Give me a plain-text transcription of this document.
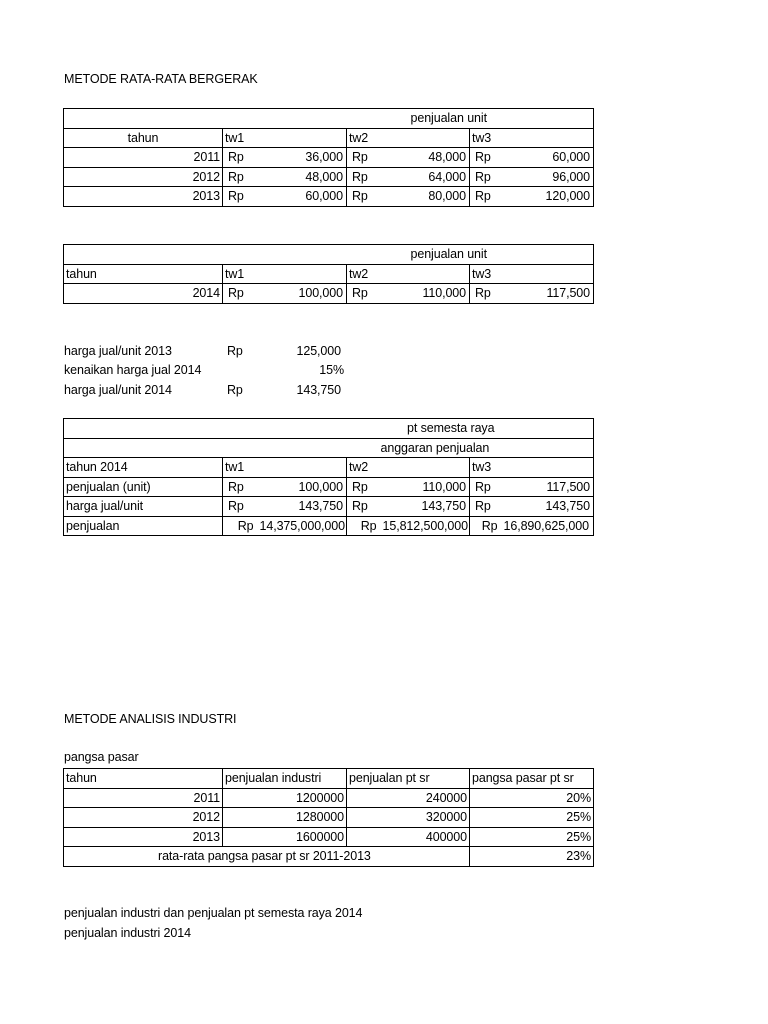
METODE RATA-RATA BERGERAK
		penjualan unit	
tahun	tw1	tw2	tw3
2011	Rp 36,000	Rp 48,000	Rp 60,000

2012	Rp 48,000	Rp 64,000	Rp 96,000

2013	Rp 60,000	Rp 80,000	Rp 120,000
		penjualan unit	
tahun	tw1	tw2	tw3
2014	Rp 100,000	Rp 110,000	Rp 117,500
harga jual/unit 2013	Rp	125,000
kenaikan harga jual 2014	15%
harga jual/unit 2014	Rp	143,750
pt semesta raya			
		anggaran penjualan	
tahun 2014	tw1	tw2	tw3
penjualan (unit)	Rp 100,000	Rp 110,000	Rp 117,500

harga jual/unit	Rp 143,750	Rp 143,750	Rp 143,750

penjualan	Rp 14,375,000,000	Rp 15,812,500,000	Rp 16,890,625,000
METODE ANALISIS INDUSTRI
pangsa pasar
tahun	penjualan industri	penjualan pt sr	pangsa pasar pt sr
2011	1200000	240000	20%
2012	1280000	320000	25%
2013	1600000	400000	25%
rata-rata pangsa pasar pt sr 2011-2013			23%
penjualan industri dan penjualan pt semesta raya 2014
penjualan industri 2014
